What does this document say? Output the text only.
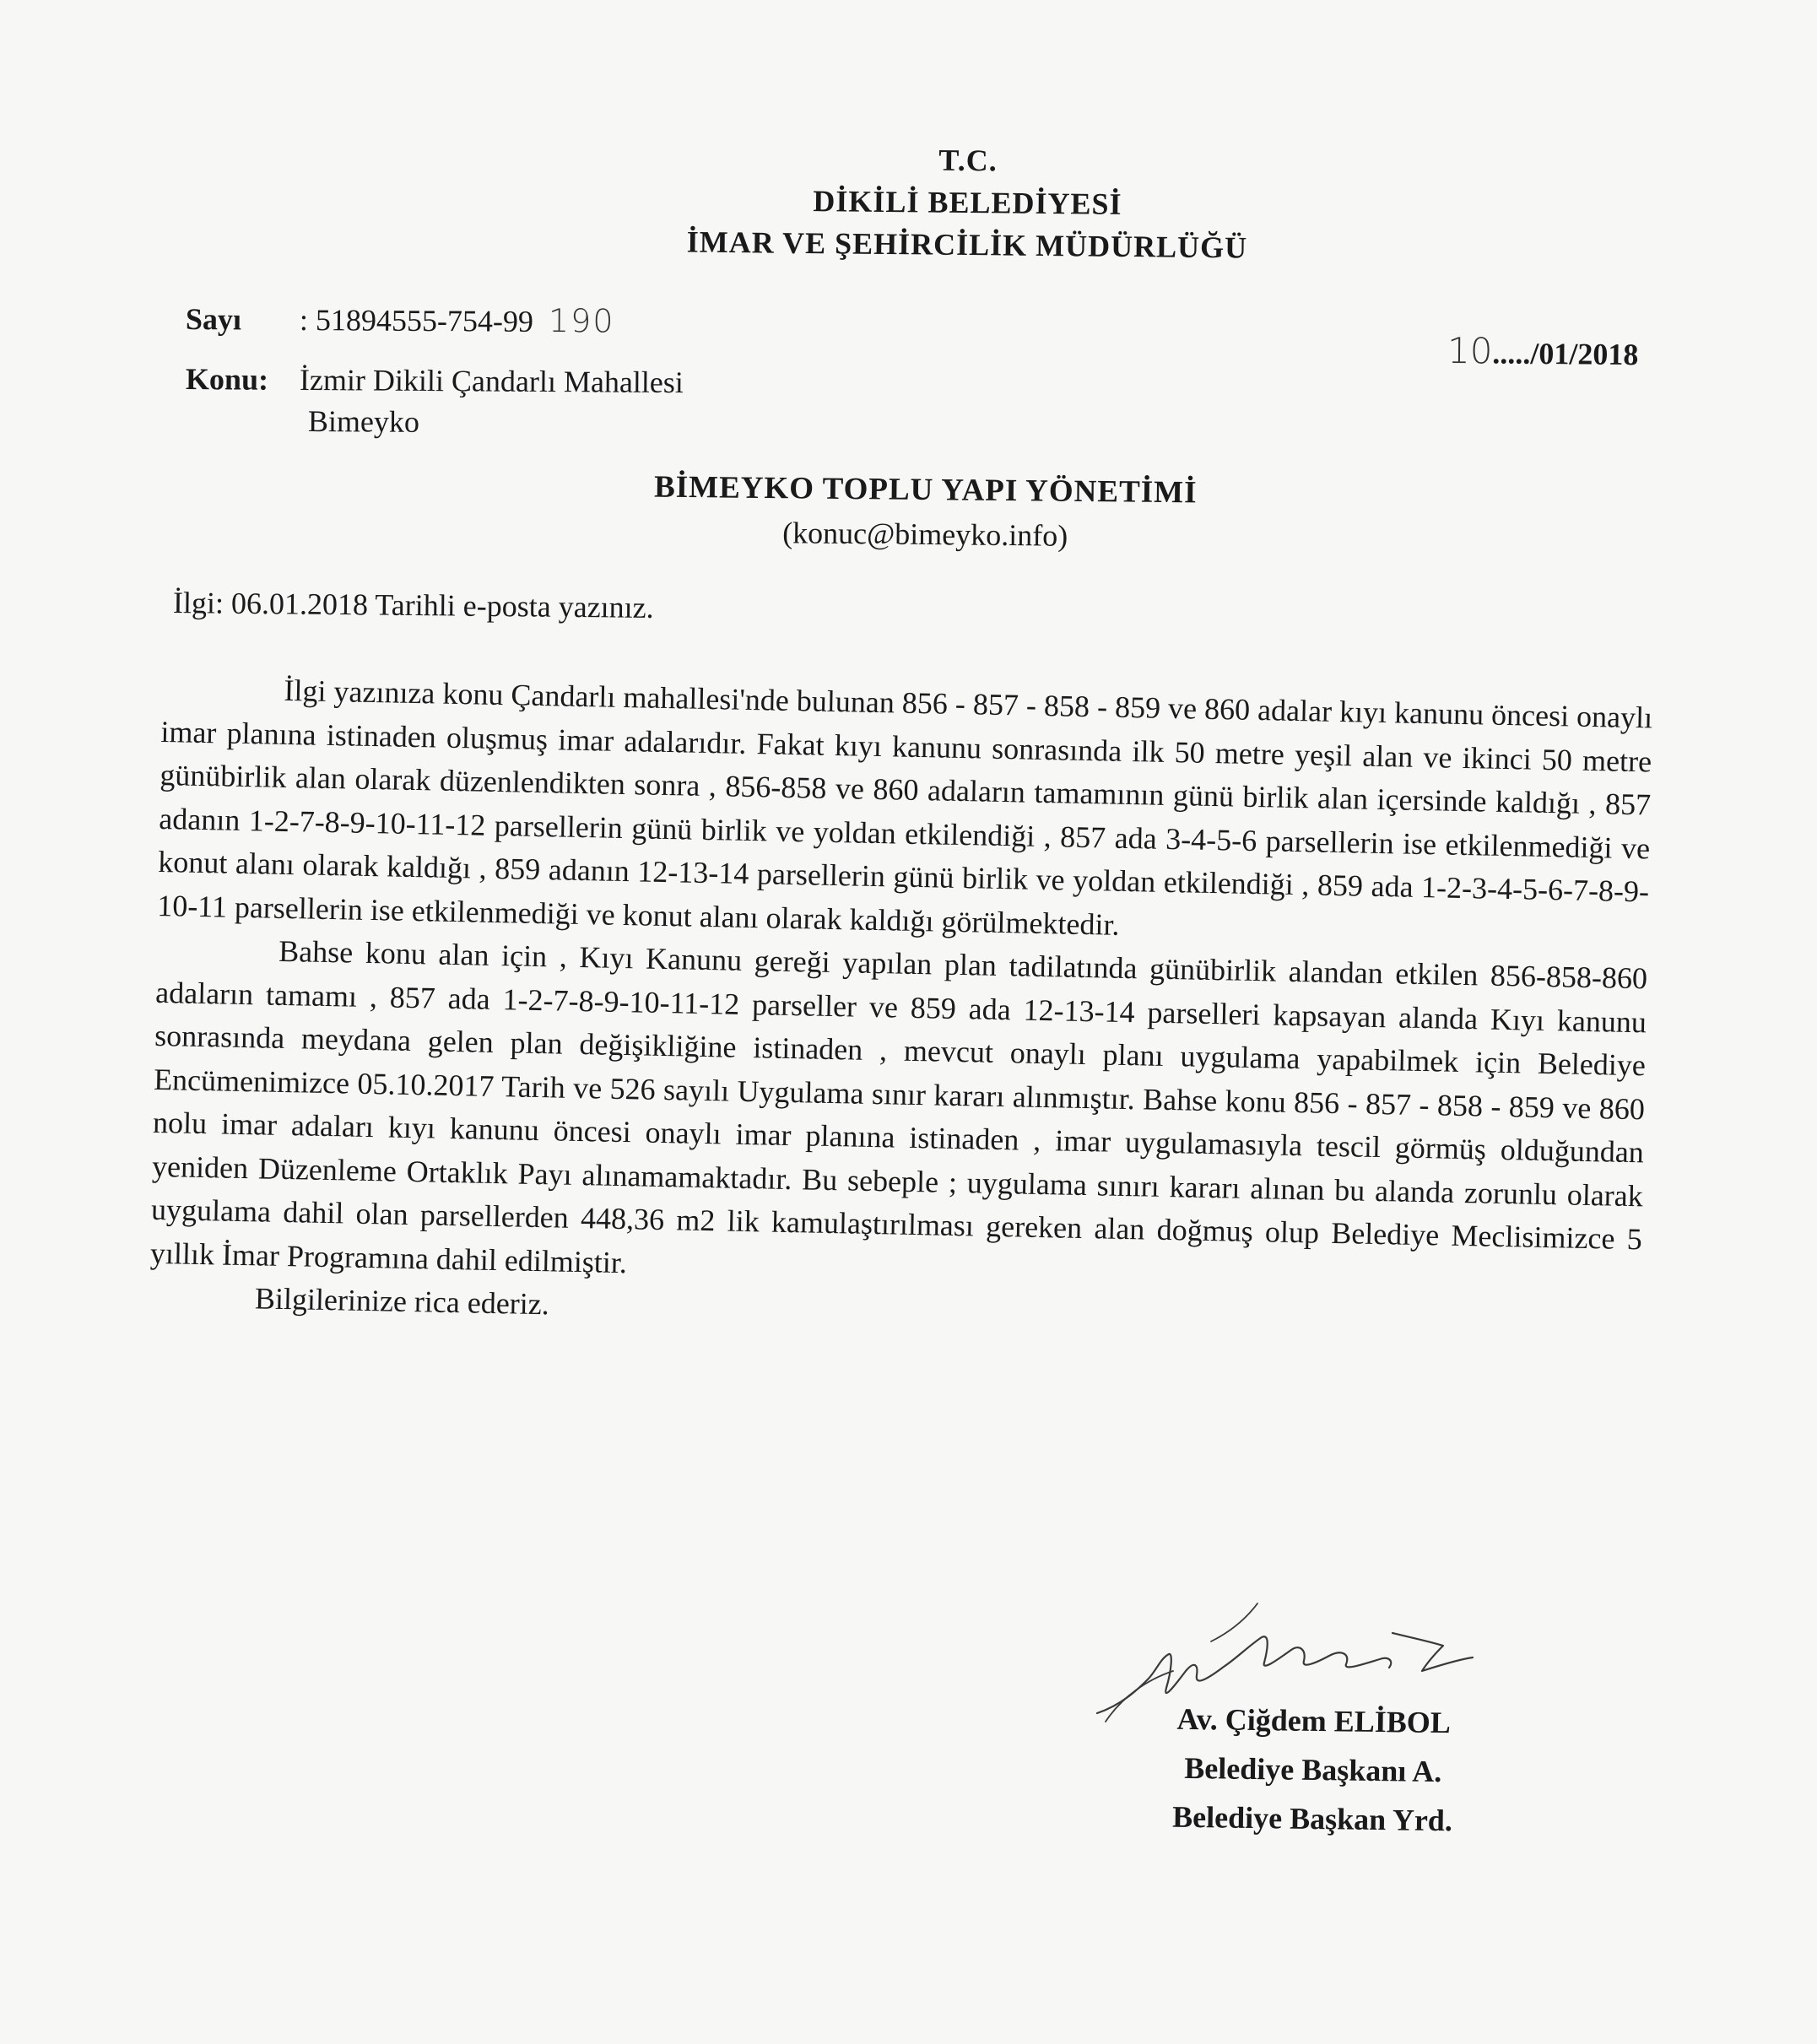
T.C.
DİKİLİ BELEDİYESİ
İMAR VE ŞEHİRCİLİK MÜDÜRLÜĞÜ
Sayı : 51894555-754-99 190
Konu: İzmir Dikili Çandarlı Mahallesi
Bimeyko
10...../01/2018
BİMEYKO TOPLU YAPI YÖNETİMİ
(konuc@bimeyko.info)
İlgi: 06.01.2018 Tarihli e-posta yazınız.

İlgi yazınıza konu Çandarlı mahallesi'nde bulunan 856 - 857 - 858 - 859 ve 860 adalar kıyı kanunu öncesi onaylı imar planına istinaden oluşmuş imar adalarıdır. Fakat kıyı kanunu sonrasında ilk 50 metre yeşil alan ve ikinci 50 metre günübirlik alan olarak düzenlendikten sonra , 856-858 ve 860 adaların tamamının günü birlik alan içersinde kaldığı , 857 adanın 1-2-7-8-9-10-11-12 parsellerin günü birlik ve yoldan etkilendiği , 857 ada 3-4-5-6 parsellerin ise etkilenmediği ve konut alanı olarak kaldığı , 859 adanın 12-13-14 parsellerin günü birlik ve yoldan etkilendiği , 859 ada 1-2-3-4-5-6-7-8-9-10-11 parsellerin ise etkilenmediği ve konut alanı olarak kaldığı görülmektedir.

Bahse konu alan için , Kıyı Kanunu gereği yapılan plan tadilatında günübirlik alandan etkilen 856-858-860 adaların tamamı , 857 ada 1-2-7-8-9-10-11-12 parseller ve 859 ada 12-13-14 parselleri kapsayan alanda Kıyı kanunu sonrasında meydana gelen plan değişikliğine istinaden , mevcut onaylı planı uygulama yapabilmek için Belediye Encümenimizce 05.10.2017 Tarih ve 526 sayılı Uygulama sınır kararı alınmıştır. Bahse konu 856 - 857 - 858 - 859 ve 860 nolu imar adaları kıyı kanunu öncesi onaylı imar planına istinaden , imar uygulamasıyla tescil görmüş olduğundan yeniden Düzenleme Ortaklık Payı alınamamaktadır. Bu sebeple ; uygulama sınırı kararı alınan bu alanda zorunlu olarak uygulama dahil olan parsellerden 448,36 m2 lik kamulaştırılması gereken alan doğmuş olup Belediye Meclisimizce 5 yıllık İmar Programına dahil edilmiştir.

Bilgilerinize rica ederiz.

Av. Çiğdem ELİBOL
Belediye Başkanı A.
Belediye Başkan Yrd.
